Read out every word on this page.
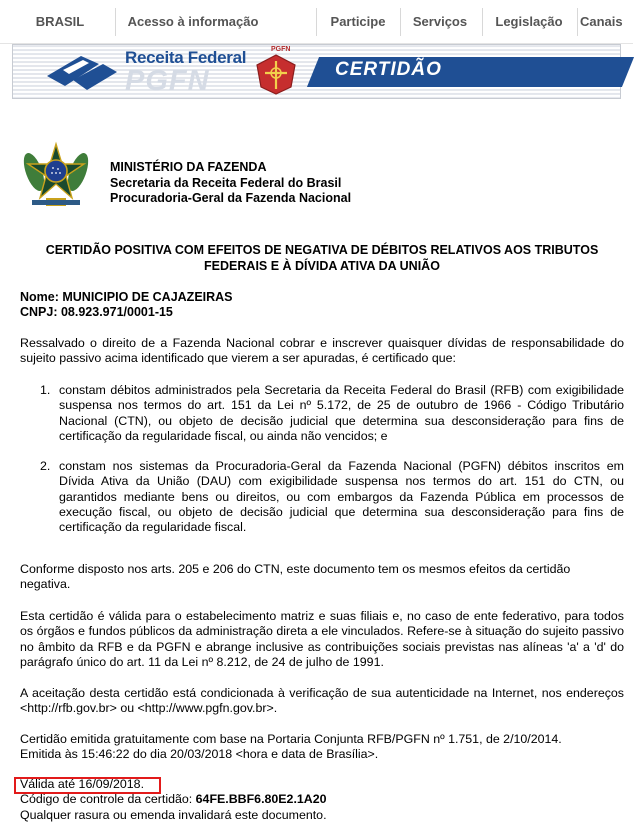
BRASIL	Acesso à informação	Participe	Serviços	Legislação	Canais
Receita Federal
PGFN
PGFN
CERTIDÃO
MINISTÉRIO DA FAZENDA
Secretaria da Receita Federal do Brasil
Procuradoria-Geral da Fazenda Nacional
CERTIDÃO POSITIVA COM EFEITOS DE NEGATIVA DE DÉBITOS RELATIVOS AOS TRIBUTOS
FEDERAIS E À DÍVIDA ATIVA DA UNIÃO
Nome: MUNICIPIO DE CAJAZEIRAS
CNPJ: 08.923.971/0001-15
Ressalvado o direito de a Fazenda Nacional cobrar e inscrever quaisquer dívidas de responsabilidade do sujeito passivo acima identificado que vierem a ser apuradas, é certificado que:
1. constam débitos administrados pela Secretaria da Receita Federal do Brasil (RFB) com exigibilidade suspensa nos termos do art. 151 da Lei nº 5.172, de 25 de outubro de 1966 - Código Tributário Nacional (CTN), ou objeto de decisão judicial que determina sua desconsideração para fins de certificação da regularidade fiscal, ou ainda não vencidos; e
2. constam nos sistemas da Procuradoria-Geral da Fazenda Nacional (PGFN) débitos inscritos em Dívida Ativa da União (DAU) com exigibilidade suspensa nos termos do art. 151 do CTN, ou garantidos mediante bens ou direitos, ou com embargos da Fazenda Pública em processos de execução fiscal, ou objeto de decisão judicial que determina sua desconsideração para fins de certificação da regularidade fiscal.
Conforme disposto nos arts. 205 e 206 do CTN, este documento tem os mesmos efeitos da certidão negativa.
Esta certidão é válida para o estabelecimento matriz e suas filiais e, no caso de ente federativo, para todos os órgãos e fundos públicos da administração direta a ele vinculados. Refere-se à situação do sujeito passivo no âmbito da RFB e da PGFN e abrange inclusive as contribuições sociais previstas nas alíneas 'a' a 'd' do parágrafo único do art. 11 da Lei nº 8.212, de 24 de julho de 1991.
A aceitação desta certidão está condicionada à verificação de sua autenticidade na Internet, nos endereços <http://rfb.gov.br> ou <http://www.pgfn.gov.br>.
Certidão emitida gratuitamente com base na Portaria Conjunta RFB/PGFN nº 1.751, de 2/10/2014.
Emitida às 15:46:22 do dia 20/03/2018 <hora e data de Brasília>.
Válida até 16/09/2018.
Código de controle da certidão: 64FE.BBF6.80E2.1A20
Qualquer rasura ou emenda invalidará este documento.
